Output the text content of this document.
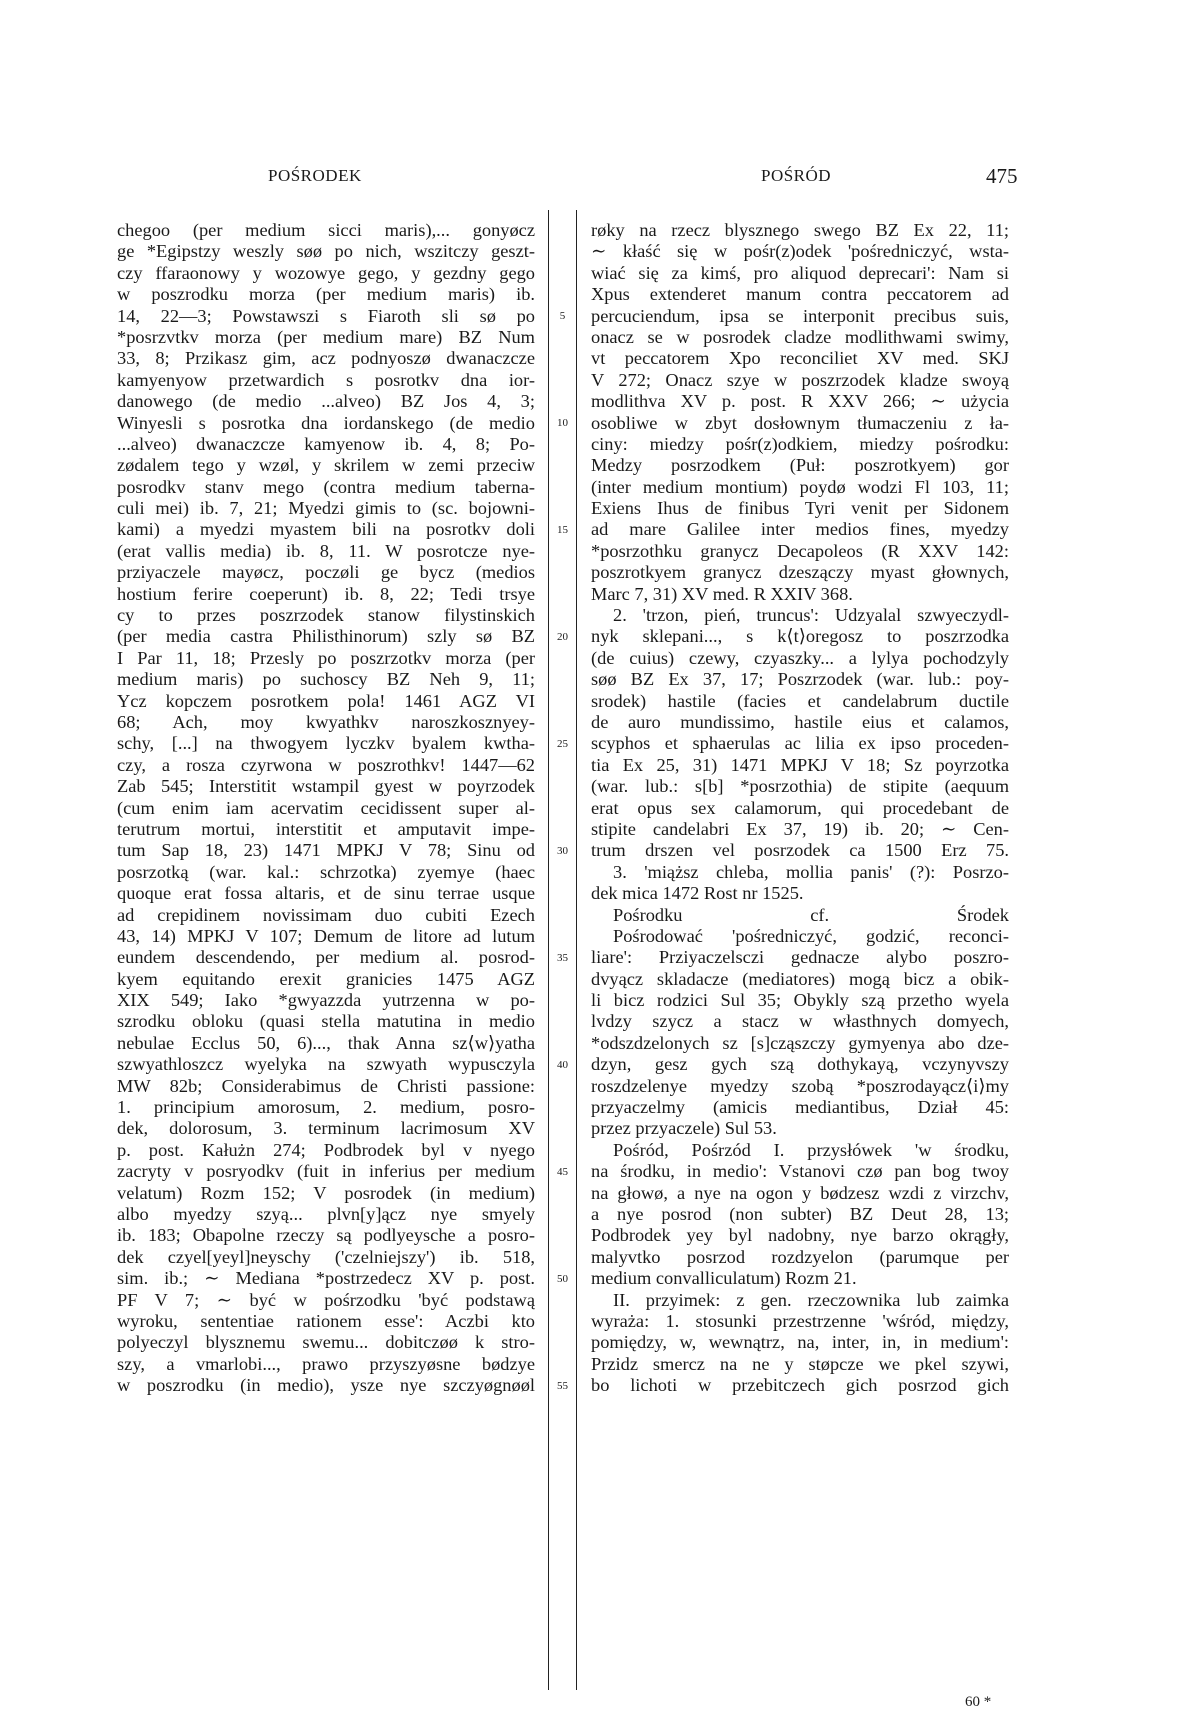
POŚRODEK	POŚRÓD	475
chegoo (per medium sicci maris),... gonyøcz
ge *Egipstzy weszly søø po nich, wszitczy geszt-
czy ffaraonowy y wozowye gego, y gezdny gego
w poszrodku morza (per medium maris) ib.
14, 22—3; Powstawszi s Fiaroth sli sø po
*posrzvtkv morza (per medium mare) BZ Num
33, 8; Przikasz gim, acz podnyoszø dwanaczcze
kamyenyow przetwardich s posrotkv dna ior-
danowego (de medio ...alveo) BZ Jos 4, 3;
Winyesli s posrotka dna iordanskego (de medio
...alveo) dwanaczcze kamyenow ib. 4, 8; Po-
zødalem tego y wzøl, y skrilem w zemi przeciw
posrodkv stanv mego (contra medium taberna-
culi mei) ib. 7, 21; Myedzi gimis to (sc. bojowni-
kami) a myedzi myastem bili na posrotkv doli
(erat vallis media) ib. 8, 11. W posrotcze nye-
przіyaczele mayøcz, poczøli ge bycz (medios
hostium ferire coeperunt) ib. 8, 22; Tedi trsye
cy to przes poszrzodek stanow filystinskich
(per media castra Philisthinorum) szly sø BZ
I Par 11, 18; Przesly po poszrzotkv morza (per
medium maris) po suchoscy BZ Neh 9, 11;
Ycz kopczem posrotkem pola! 1461 AGZ VI
68; Ach, moy kwyathkv naroszkosznyey-
schy, [...] na thwogyem lyczkv byalem kwtha-
czy, a rosza czyrwona w poszrothkv! 1447—62
Zab 545; Interstitit wstampil gyest w poyrzodek
(cum enim iam acervatim cecidissent super al-
terutrum mortui, interstitit et amputavit impe-
tum Sap 18, 23) 1471 MPKJ V 78; Sinu od
posrzotką (war. kal.: schrzotka) zyemye (haec
quoque erat fossa altaris, et de sinu terrae usque
ad crepidinem novissimam duo cubiti Ezech
43, 14) MPKJ V 107; Demum de litore ad lutum
eundem descendendo, per medium al. posrod-
kyem equitando erexit granicies 1475 AGZ
XIX 549; Iako *gwyazzda yutrzenna w po-
szrodku obloku (quasi stella matutina in medio
nebulae Ecclus 50, 6)..., thak Anna sz⟨w⟩yatha
szwyathloszcz wyelyka na szwyath wypusczyla
MW 82b; Considerabimus de Christi passione:
1. principium amorosum, 2. medium, posro-
dek, dolorosum, 3. terminum lacrimosum XV
p. post. Kałużn 274; Podbrodek byl v nyego
zacryty v posryodkv (fuit in inferius per medium
velatum) Rozm 152; V posrodek (in medium)
albo myedzy szyą... plvn[y]ącz nye smyely
ib. 183; Obapolne rzeczy są podlyeysche a posro-
dek czyel[yeyl]neyschy ('czelniejszy') ib. 518,
sim. ib.; ∼ Mediana *postrzedecz XV p. post.
PF V 7; ∼ być w pośrzodku 'być podstawą
wyroku, sententiae rationem esse': Aczbi kto
polyeczyl blysznemu swemu... dobitczøø k stro-
szy, a vmarlobi..., prawo przyszyøsnе bødzye
w poszrodku (in medio), ysze nye szczyøgnøøl
5
10
15
20
25
30
35
40
45
50
55
røky na rzecz blysznego swego BZ Ex 22, 11;
∼ kłaść się w pośr(z)odek 'pośredniczyć, wsta-
wiać się za kimś, pro aliquod deprecari': Nam si
Xpus extenderet manum contra peccatorem ad
percuciendum, ipsa se interponit precibus suis,
onacz se w posrodek cladze modlithwami swimy,
vt peccatorem Xpo reconciliet XV med. SKJ
V 272; Onacz szye w poszrzodek kladze swoyą
modlithva XV p. post. R XXV 266; ∼ użycia
osobliwe w zbyt dosłownym tłumaczeniu z ła-
ciny: miedzy pośr(z)odkiem, miedzy pośrodku:
Medzy posrzodkem (Puł: poszrotkyem) gor
(inter medium montium) poydø wodzi Fl 103, 11;
Exiens Ihus de finibus Tyri venit per Sidonem
ad mare Galilee inter medios fines, myedzy
*posrzothku granycz Decapoleos (R XXV 142:
poszrotkyem granycz dzeszączy myast głownych,
Marc 7, 31) XV med. R XXIV 368.
2. 'trzon, pień, truncus': Udzyalal szwyeczydl-
nyk sklepani..., s k⟨t⟩oregosz to poszrzodka
(de cuius) czewy, czyaszky... a lylya pochodzyly
søø BZ Ex 37, 17; Poszrzodek (war. lub.: poy-
srodek) hastile (facies et candelabrum ductile
de auro mundissimo, hastile eius et calamos,
scyphos et sphaerulas ac lilia ex ipso proceden-
tia Ex 25, 31) 1471 MPKJ V 18; Sz poyrzotka
(war. lub.: s[b] *posrzothia) de stipite (aequum
erat opus sex calamorum, qui procedebant de
stipite candelabri Ex 37, 19) ib. 20; ∼ Cen-
trum drszen vel posrzodek ca 1500 Erz 75.
3. 'miąższ chleba, mollia panis' (?): Posrzo-
dek mica 1472 Rost nr 1525.
Pośrodku cf. Środek
Pośrodować 'pośredniczyć, godzić, reconci-
liare': Przіyaczelsczi gednacze alybo poszro-
dvyącz skladacze (mediatores) mogą bicz a obik-
li bicz rodzici Sul 35; Obykly szą przetho wyela
lvdzy szycz a stacz w własthnych domyech,
*odszdzelonych sz [s]cząszczy gymyenya abo dze-
dzyn, gesz gych szą dothykayą, vczynyvszy
roszdzelenye myedzy szobą *poszrodayącz⟨i⟩my
przyaczelmy (amicis mediantibus, Dział 45:
przez przyaczele) Sul 53.
Pośród, Pośrzód I. przysłówek 'w środku,
na środku, in medio': Vstanovi czø pan bog twoy
na głowø, a nye na ogon y bødzesz wzdi z virzchv,
a nye posrod (non subter) BZ Deut 28, 13;
Podbrodek yey byl nadobny, nye barzo okrągły,
malyvtko posrzod rozdzyelon (parumque per
medium convalliculatum) Rozm 21.
II. przyimek: z gen. rzeczownika lub zaimka
wyraża: 1. stosunki przestrzenne 'wśród, między,
pomiędzy, w, wewnątrz, na, inter, in, in medium':
Przidz smercz na ne y støpcze we pkel szywi,
bo lichoti w przebitczech gich posrzod gich
60 *
